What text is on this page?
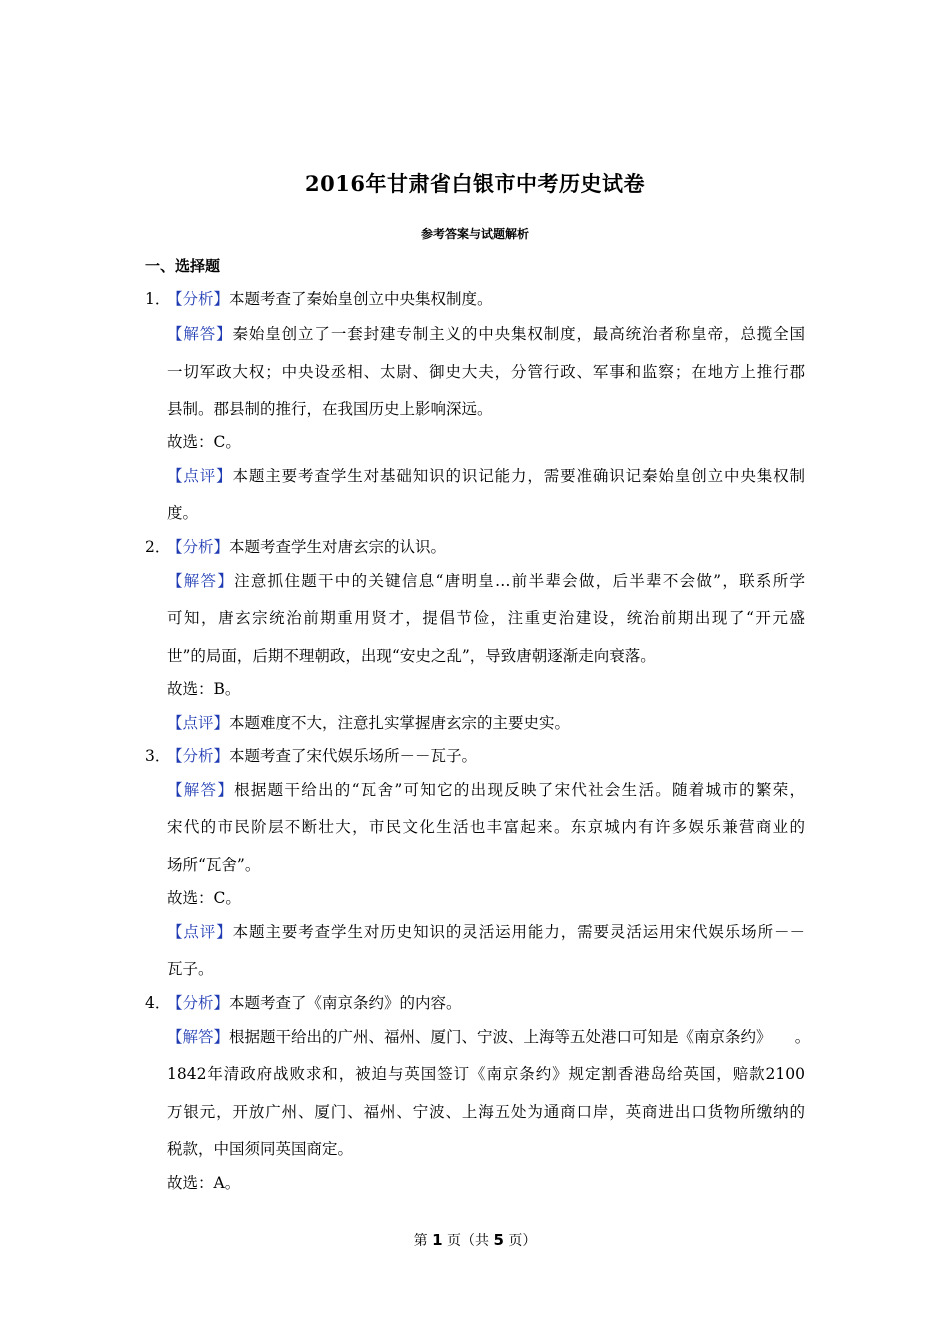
2016年甘肃省白银市中考历史试卷
参考答案与试题解析
一、选择题
1．【分析】本题考查了秦始皇创立中央集权制度。
【解答】秦始皇创立了一套封建专制主义的中央集权制度，最高统治者称皇帝，总揽全国
一切军政大权；中央设丞相、太尉、御史大夫，分管行政、军事和监察；在地方上推行郡
县制。郡县制的推行，在我国历史上影响深远。
故选：C。
【点评】本题主要考查学生对基础知识的识记能力，需要准确识记秦始皇创立中央集权制
度。
2．【分析】本题考查学生对唐玄宗的认识。
【解答】注意抓住题干中的关键信息“唐明皇…前半辈会做，后半辈不会做”，联系所学
可知，唐玄宗统治前期重用贤才，提倡节俭，注重吏治建设，统治前期出现了“开元盛
世”的局面，后期不理朝政，出现“安史之乱”，导致唐朝逐渐走向衰落。
故选：B。
【点评】本题难度不大，注意扎实掌握唐玄宗的主要史实。
3．【分析】本题考查了宋代娱乐场所－－瓦子。
【解答】根据题干给出的“瓦舍”可知它的出现反映了宋代社会生活。随着城市的繁荣，
宋代的市民阶层不断壮大，市民文化生活也丰富起来。东京城内有许多娱乐兼营商业的
场所“瓦舍”。
故选：C。
【点评】本题主要考查学生对历史知识的灵活运用能力，需要灵活运用宋代娱乐场所－－
瓦子。
4．【分析】本题考查了《南京条约》的内容。
【解答】根据题干给出的广州、福州、厦门、宁波、上海等五处港口可知是《南京条约》　　。
1842年清政府战败求和，被迫与英国签订《南京条约》规定割香港岛给英国，赔款2100
万银元，开放广州、厦门、福州、宁波、上海五处为通商口岸，英商进出口货物所缴纳的
税款，中国须同英国商定。
故选：A。
第 1 页（共 5 页）
